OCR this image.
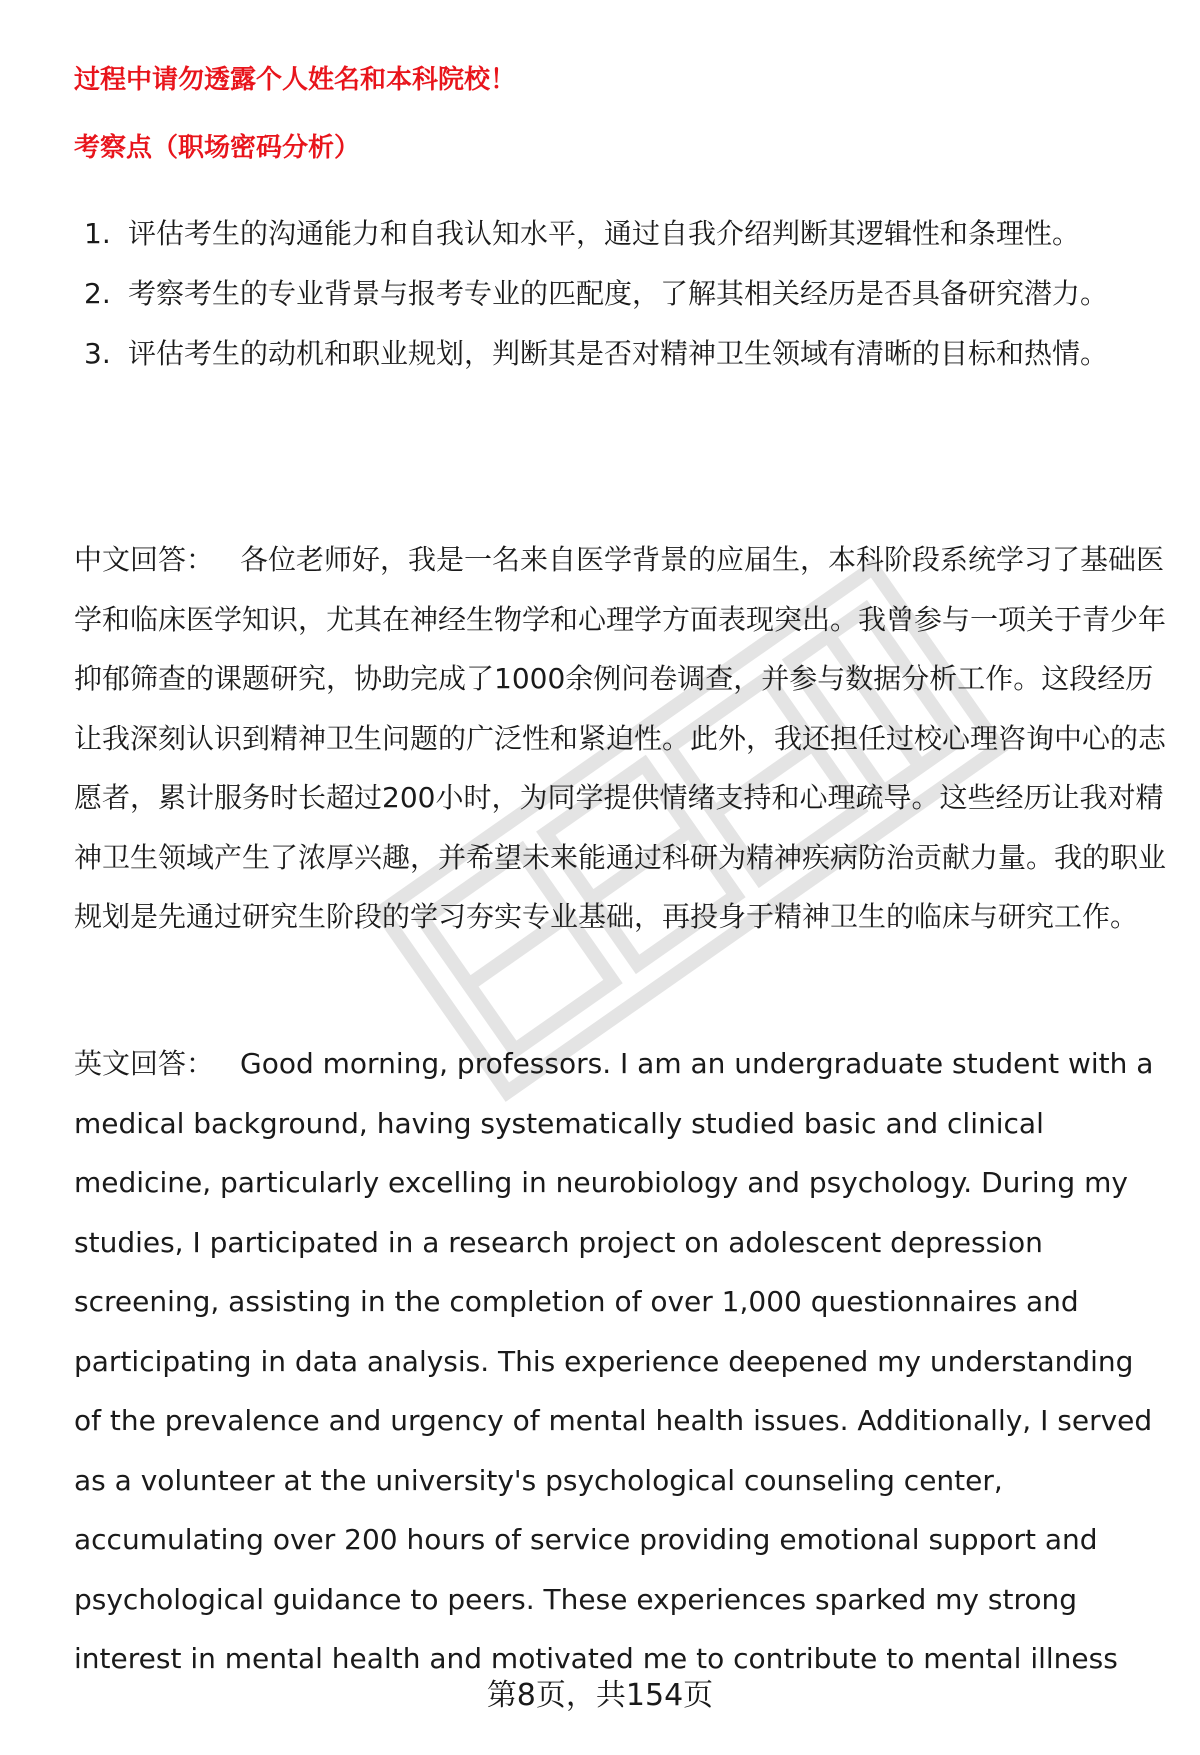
过程中请勿透露个人姓名和本科院校！
考察点（职场密码分析）
1. 评估考生的沟通能力和自我认知水平，通过自我介绍判断其逻辑性和条理性。
2. 考察考生的专业背景与报考专业的匹配度，了解其相关经历是否具备研究潜力。
3. 评估考生的动机和职业规划，判断其是否对精神卫生领域有清晰的目标和热情。

中文回答： 各位老师好，我是一名来自医学背景的应届生，本科阶段系统学习了基础医学和临床医学知识，尤其在神经生物学和心理学方面表现突出。我曾参与一项关于青少年抑郁筛查的课题研究，协助完成了1000余例问卷调查，并参与数据分析工作。这段经历让我深刻认识到精神卫生问题的广泛性和紧迫性。此外，我还担任过校心理咨询中心的志愿者，累计服务时长超过200小时，为同学提供情绪支持和心理疏导。这些经历让我对精神卫生领域产生了浓厚兴趣，并希望未来能通过科研为精神疾病防治贡献力量。我的职业规划是先通过研究生阶段的学习夯实专业基础，再投身于精神卫生的临床与研究工作。

英文回答： Good morning, professors. I am an undergraduate student with a medical background, having systematically studied basic and clinical medicine, particularly excelling in neurobiology and psychology. During my studies, I participated in a research project on adolescent depression screening, assisting in the completion of over 1,000 questionnaires and participating in data analysis. This experience deepened my understanding of the prevalence and urgency of mental health issues. Additionally, I served as a volunteer at the university's psychological counseling center, accumulating over 200 hours of service providing emotional support and psychological guidance to peers. These experiences sparked my strong interest in mental health and motivated me to contribute to mental illness

第8页，共154页
